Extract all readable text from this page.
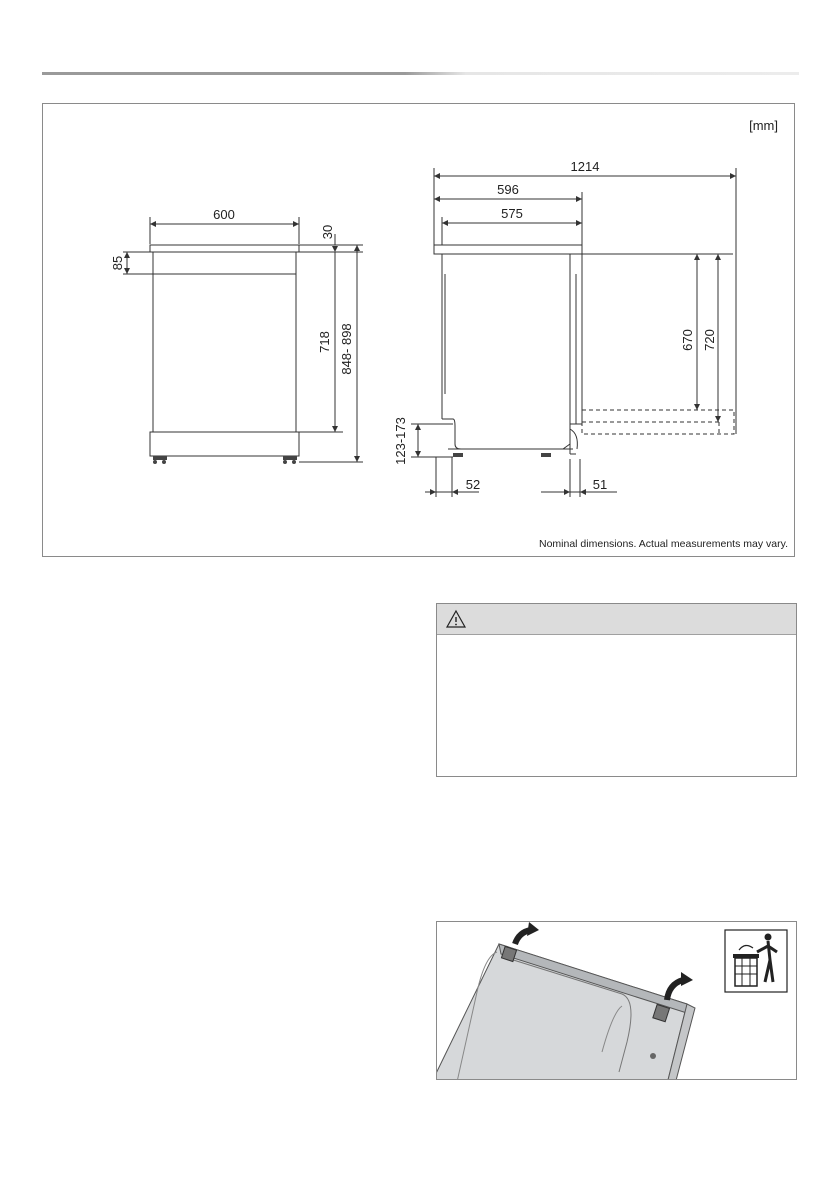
[mm]
600
30
85
718 848- 898
1214
596
575
670 720
123-173
52	51
Nominal dimensions. Actual measurements may vary.
